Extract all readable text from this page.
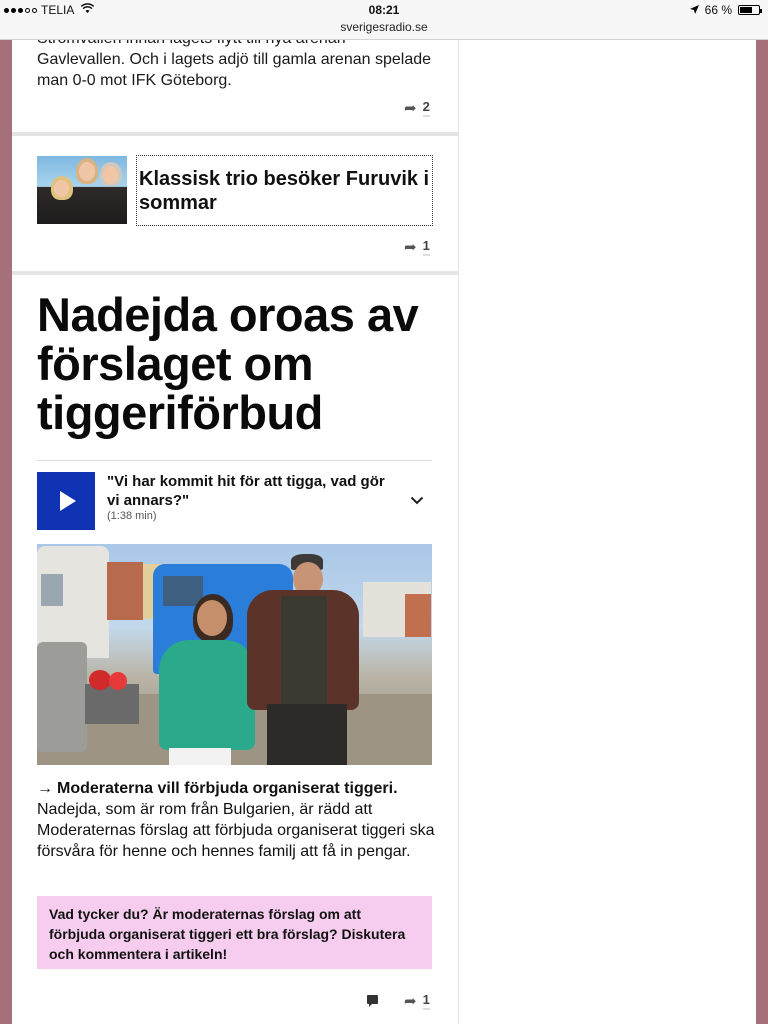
TELIA	08:21
sverigesradio.se
66 %
Gavlevallen. Och i lagets adjö till gamla arenan spelade man 0-0 mot IFK Göteborg.
➦ 2
Klassisk trio besöker Furuvik i sommar
➦ 1
Nadejda oroas av förslaget om tiggeriförbud
"Vi har kommit hit för att tigga, vad gör vi annars?"
(1:38 min)
→ Moderaterna vill förbjuda organiserat tiggeri.
Nadejda, som är rom från Bulgarien, är rädd att Moderaternas förslag att förbjuda organiserat tiggeri ska försvåra för henne och hennes familj att få in pengar.
Vad tycker du? Är moderaternas förslag om att förbjuda organiserat tiggeri ett bra förslag? Diskutera och kommentera i artikeln!
➦ 1
